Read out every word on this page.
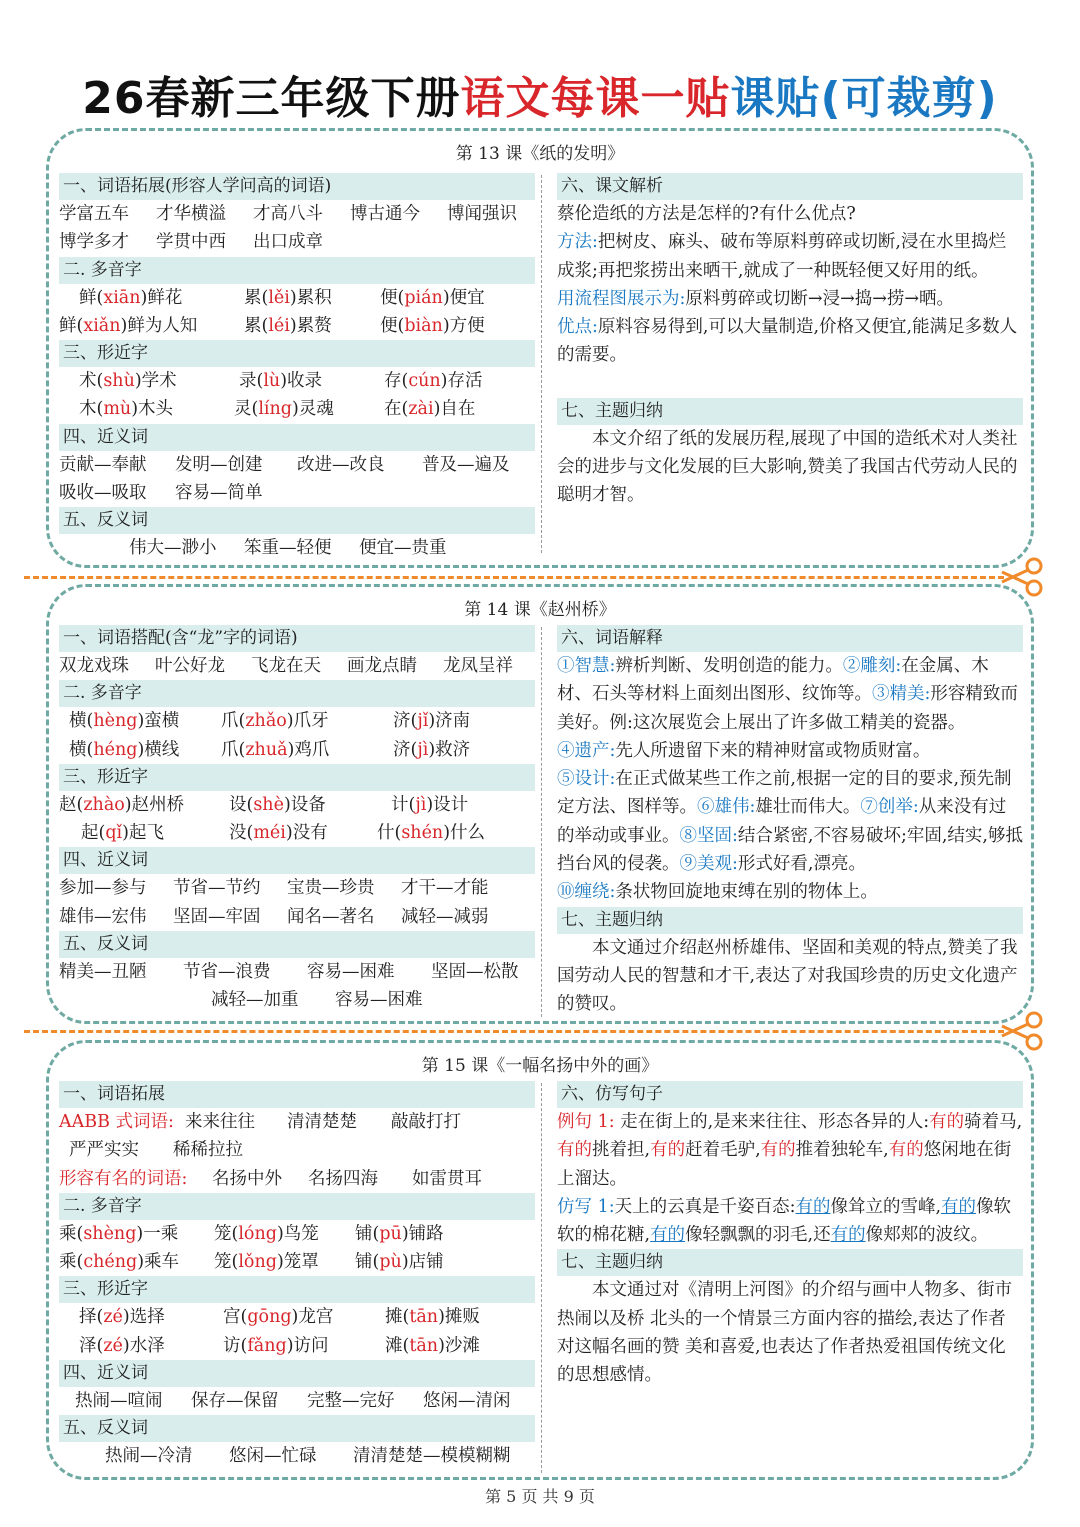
26春新三年级下册语文每课一贴课贴(可裁剪)
第 13 课《纸的发明》
一、词语拓展(形容人学问高的词语)
学富五车	才华横溢	才高八斗	博古通今	博闻强识
博学多才	学贯中西	出口成章
二. 多音字
鲜(xiān)鲜花	累(lěi)累积	便(pián)便宜
鲜(xiǎn)鲜为人知	累(léi)累赘	便(biàn)方便
三、形近字
术(shù)学术	录(lù)收录	存(cún)存活
木(mù)木头	灵(líng)灵魂	在(zài)自在
四、近义词
贡献—奉献	发明—创建	改进—改良	普及—遍及
吸收—吸取	容易—简单
五、反义词
伟大—渺小	笨重—轻便	便宜—贵重
六、课文解析
蔡伦造纸的方法是怎样的?有什么优点?
方法:把树皮、麻头、破布等原料剪碎或切断,浸在水里捣烂成浆;再把浆捞出来晒干,就成了一种既轻便又好用的纸。
用流程图展示为:原料剪碎或切断→浸→捣→捞→晒。
优点:原料容易得到,可以大量制造,价格又便宜,能满足多数人的需要。
七、主题归纳
本文介绍了纸的发展历程,展现了中国的造纸术对人类社会的进步与文化发展的巨大影响,赞美了我国古代劳动人民的聪明才智。
第 14 课《赵州桥》
一、词语搭配(含“龙”字的词语)
双龙戏珠	叶公好龙	飞龙在天	画龙点睛	龙凤呈祥
二. 多音字
横(hèng)蛮横	爪(zhǎo)爪牙	济(jǐ)济南
横(héng)横线	爪(zhuǎ)鸡爪	济(jì)救济
三、形近字
赵(zhào)赵州桥	设(shè)设备	计(jì)设计
起(qǐ)起飞	没(méi)没有	什(shén)什么
四、近义词
参加—参与	节省—节约	宝贵—珍贵	才干—才能
雄伟—宏伟	坚固—牢固	闻名—著名	减轻—减弱
五、反义词
精美—丑陋	节省—浪费	容易—困难	坚固—松散
减轻—加重	容易—困难
六、词语解释
①智慧:辨析判断、发明创造的能力。②雕刻:在金属、木材、石头等材料上面刻出图形、纹饰等。③精美:形容精致而美好。例:这次展览会上展出了许多做工精美的瓷器。
④遗产:先人所遗留下来的精神财富或物质财富。
⑤设计:在正式做某些工作之前,根据一定的目的要求,预先制定方法、图样等。⑥雄伟:雄壮而伟大。⑦创举:从来没有过的举动或事业。⑧坚固:结合紧密,不容易破坏;牢固,结实,够抵挡台风的侵袭。⑨美观:形式好看,漂亮。
⑩缠绕:条状物回旋地束缚在别的物体上。
七、主题归纳
本文通过介绍赵州桥雄伟、坚固和美观的特点,赞美了我国劳动人民的智慧和才干,表达了对我国珍贵的历史文化遗产的赞叹。
第 15 课《一幅名扬中外的画》
一、词语拓展
AABB 式词语: 来来往往	清清楚楚	敲敲打打
严严实实	稀稀拉拉
形容有名的词语:	名扬中外	名扬四海	如雷贯耳
二. 多音字
乘(shèng)一乘	笼(lóng)鸟笼	铺(pū)铺路
乘(chéng)乘车	笼(lǒng)笼罩	铺(pù)店铺
三、形近字
择(zé)选择	宫(gōng)龙宫	摊(tān)摊贩
泽(zé)水泽	访(fǎng)访问	滩(tān)沙滩
四、近义词
热闹—喧闹	保存—保留	完整—完好	悠闲—清闲
五、反义词
热闹—冷清	悠闲—忙碌	清清楚楚—模模糊糊
六、仿写句子
例句 1: 走在街上的,是来来往往、形态各异的人:有的骑着马,有的挑着担,有的赶着毛驴,有的推着独轮车,有的悠闲地在街上溜达。
仿写 1:天上的云真是千姿百态:有的像耸立的雪峰,有的像软软的棉花糖,有的像轻飘飘的羽毛,还有的像郏郏的波纹。
七、主题归纳
本文通过对《清明上河图》的介绍与画中人物多、街市热闹以及桥 北头的一个情景三方面内容的描绘,表达了作者对这幅名画的赞 美和喜爱,也表达了作者热爱祖国传统文化的思想感情。
第 5 页 共 9 页
